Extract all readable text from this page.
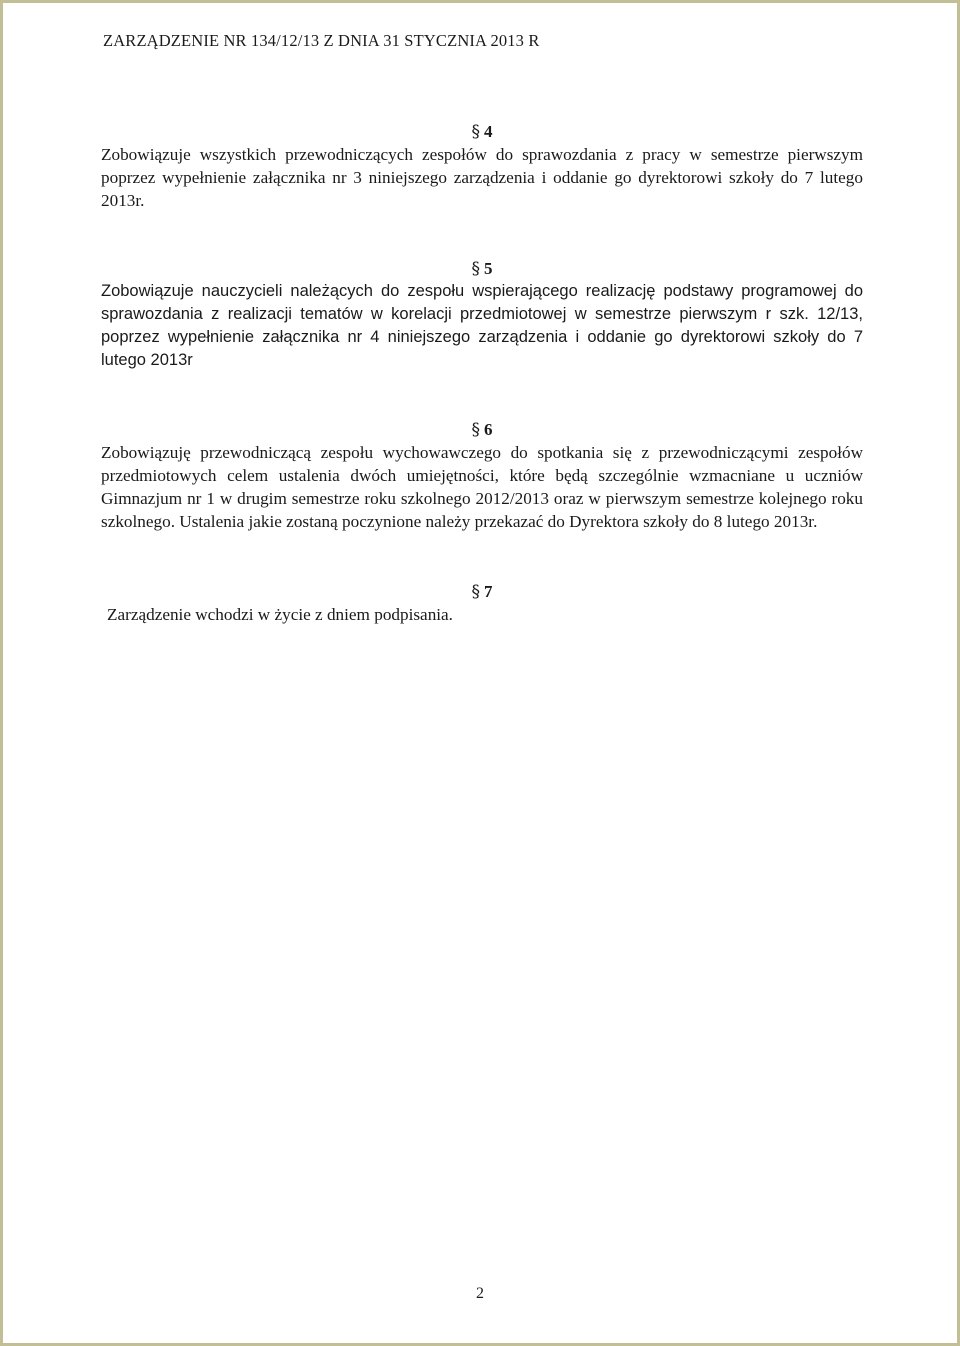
ZARZĄDZENIE NR 134/12/13 Z DNIA 31 STYCZNIA 2013 R
§ 4

Zobowiązuje wszystkich przewodniczących zespołów do sprawozdania z pracy w semestrze pierwszym poprzez wypełnienie załącznika nr 3 niniejszego zarządzenia i oddanie go dyrektorowi szkoły do 7 lutego 2013r.

§ 5

Zobowiązuje nauczycieli należących do zespołu wspierającego realizację podstawy programowej do sprawozdania z realizacji tematów w korelacji przedmiotowej w semestrze pierwszym r szk. 12/13, poprzez wypełnienie załącznika nr 4 niniejszego zarządzenia i oddanie go dyrektorowi szkoły do 7 lutego 2013r

§ 6

Zobowiązuję przewodniczącą zespołu wychowawczego do spotkania się z przewodniczącymi zespołów przedmiotowych celem ustalenia dwóch umiejętności, które będą szczególnie wzmacniane u uczniów Gimnazjum nr 1 w drugim semestrze roku szkolnego 2012/2013 oraz w pierwszym semestrze kolejnego roku szkolnego. Ustalenia jakie zostaną poczynione należy przekazać do Dyrektora szkoły do 8 lutego 2013r.

§ 7

Zarządzenie wchodzi w życie z dniem podpisania.

2
